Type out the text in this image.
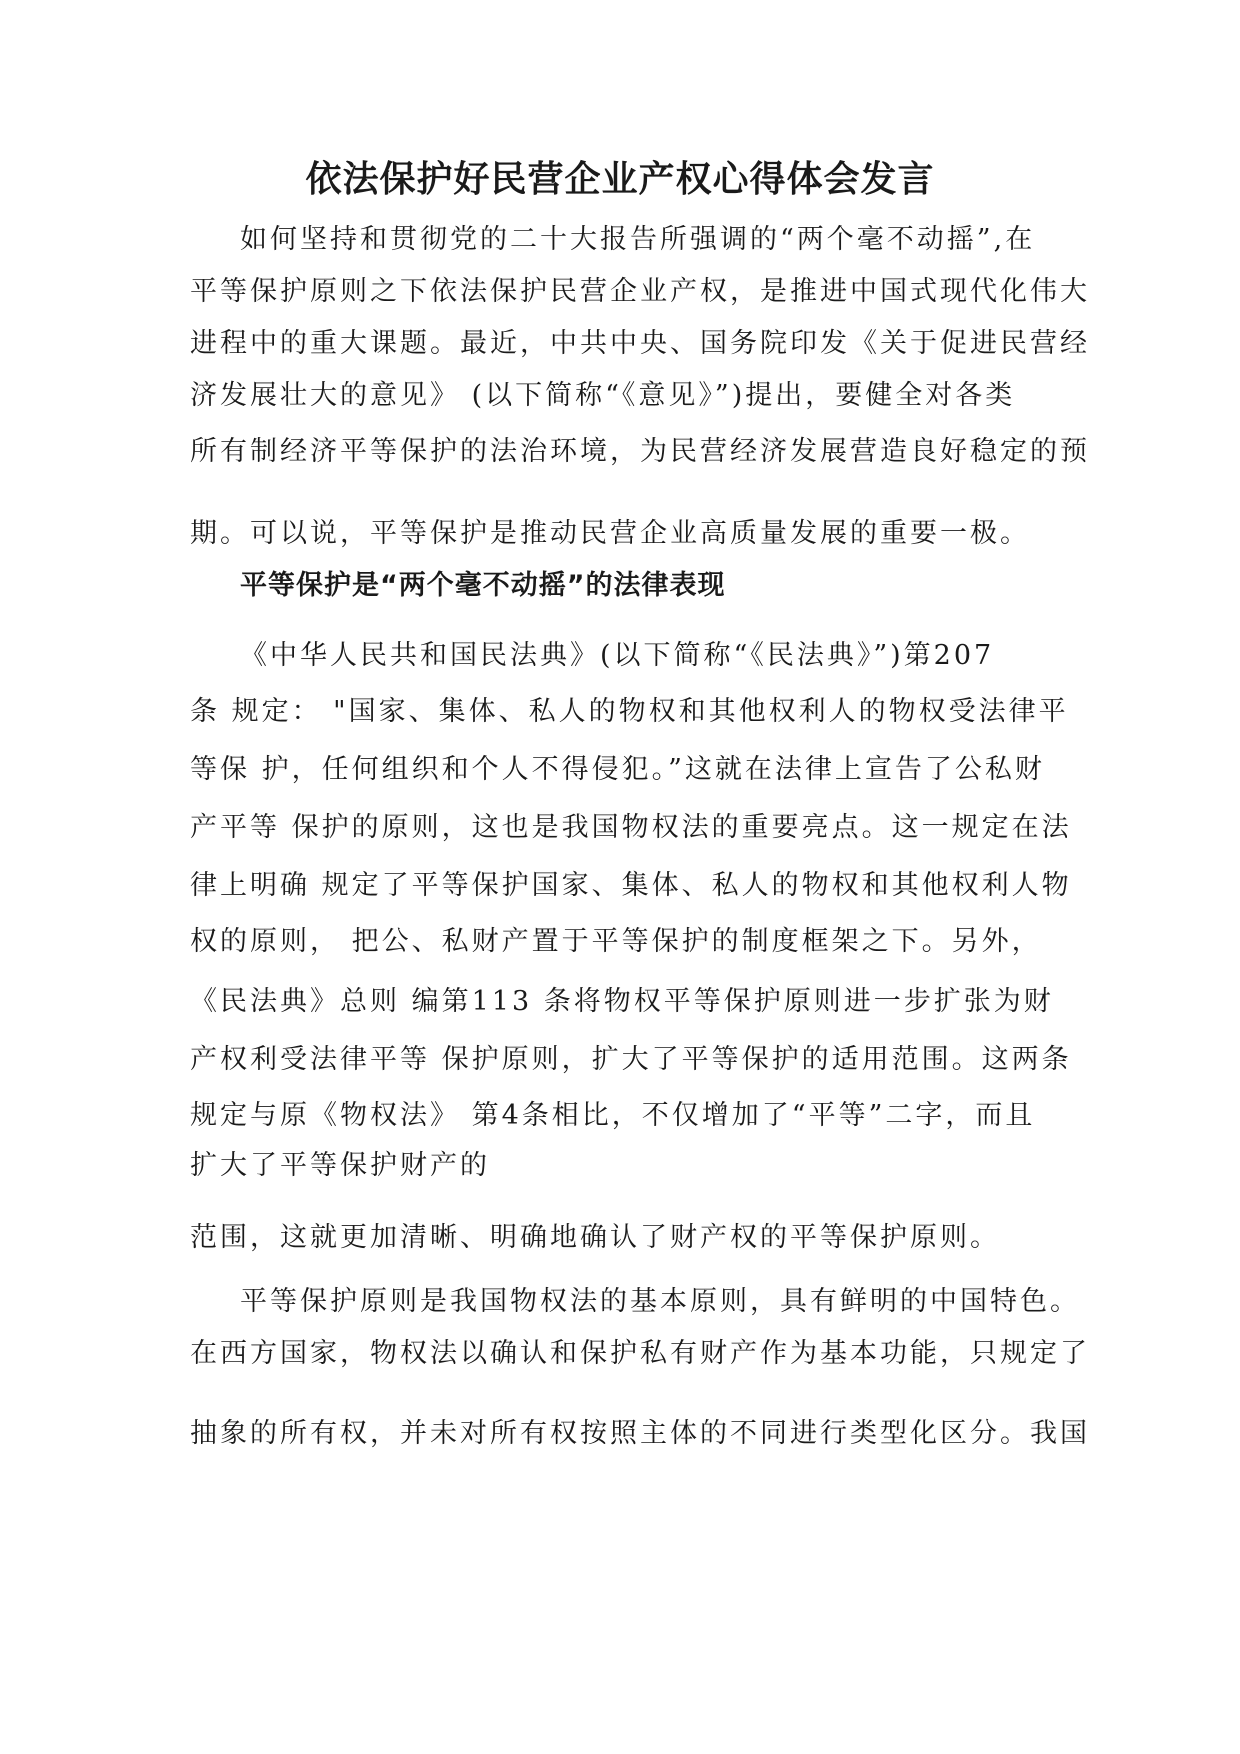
依法保护好民营企业产权心得体会发言
如何坚持和贯彻党的二十大报告所强调的“两个毫不动摇”,在
平等保护原则之下依法保护民营企业产权，是推进中国式现代化伟大
进程中的重大课题。最近，中共中央、国务院印发《关于促进民营经
济发展壮大的意见》 (以下简称“《意见》”)提出，要健全对各类
所有制经济平等保护的法治环境，为民营经济发展营造良好稳定的预
期。可以说，平等保护是推动民营企业高质量发展的重要一极。
平等保护是“两个毫不动摇”的法律表现
《中华人民共和国民法典》(以下简称“《民法典》”)第207
条 规定： "国家、集体、私人的物权和其他权利人的物权受法律平
等保 护，任何组织和个人不得侵犯。”这就在法律上宣告了公私财
产平等 保护的原则，这也是我国物权法的重要亮点。这一规定在法
律上明确 规定了平等保护国家、集体、私人的物权和其他权利人物
权的原则， 把公、私财产置于平等保护的制度框架之下。另外，
《民法典》总则 编第113 条将物权平等保护原则进一步扩张为财
产权利受法律平等 保护原则，扩大了平等保护的适用范围。这两条
规定与原《物权法》 第4条相比，不仅增加了“平等”二字，而且
扩大了平等保护财产的
范围，这就更加清晰、明确地确认了财产权的平等保护原则。
平等保护原则是我国物权法的基本原则，具有鲜明的中国特色。
在西方国家，物权法以确认和保护私有财产作为基本功能，只规定了
抽象的所有权，并未对所有权按照主体的不同进行类型化区分。我国
